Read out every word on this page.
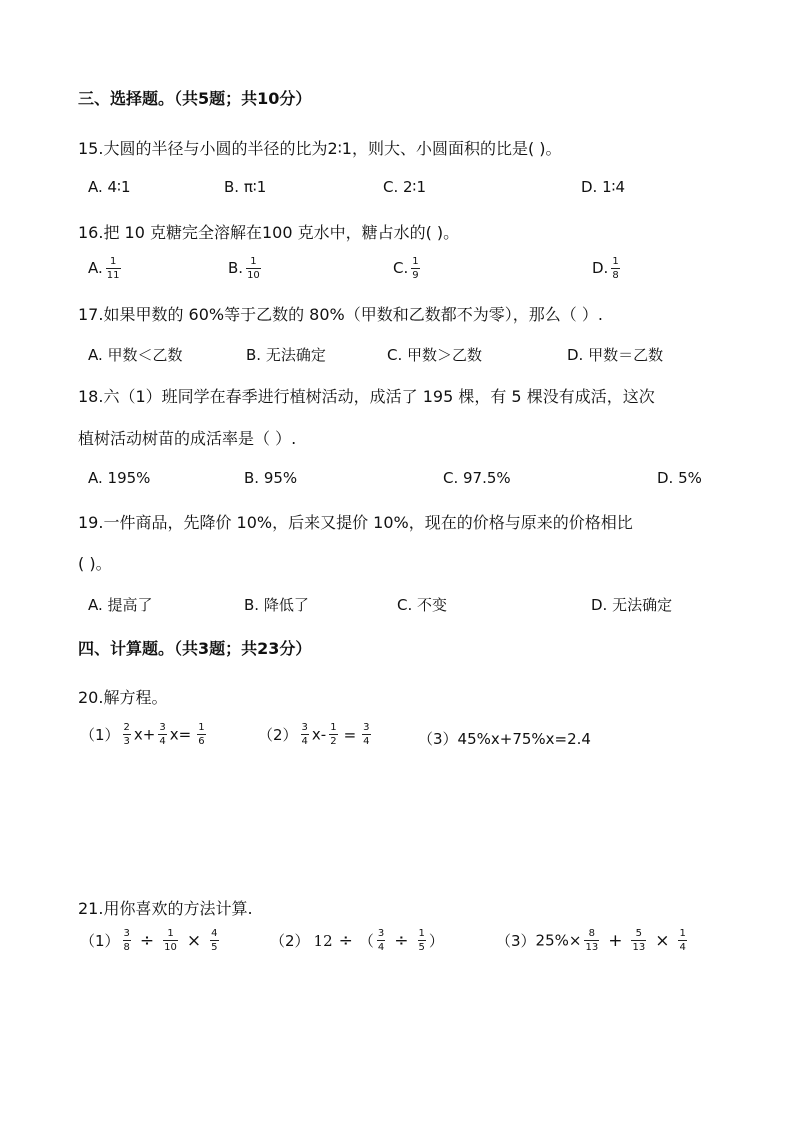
三、选择题。（共5题；共10分）
15.大圆的半径与小圆的半径的比为2∶1，则大、小圆面积的比是( )。
A. 4∶1	B. π∶1	C. 2∶1	D. 1∶4
16.把 10 克糖完全溶解在100 克水中，糖占水的( )。
A. $\frac{1}{11}$	B. $\frac{1}{10}$	C. $\frac{1}{9}$	D. $\frac{1}{8}$
17.如果甲数的 60%等于乙数的 80%（甲数和乙数都不为零），那么（ ）.
A. 甲数＜乙数	B. 无法确定	C. 甲数＞乙数	D. 甲数＝乙数
18.六（1）班同学在春季进行植树活动，成活了 195 棵，有 5 棵没有成活，这次
植树活动树苗的成活率是（ ）.
A. 195%	B. 95%	C. 97.5%	D. 5%
19.一件商品，先降价 10%，后来又提价 10%，现在的价格与原来的价格相比
( )。
A. 提高了	B. 降低了	C. 不变	D. 无法确定
四、计算题。（共3题；共23分）
20.解方程。
$(1) \frac{2}{3} x+ \frac{3}{4} x= \frac{1}{6}$	$(2) \frac{3}{4} x- \frac{1}{2} = \frac{3}{4}$	（3）45%x+75%x=2.4
21.用你喜欢的方法计算.
$(1) \frac{3}{8} \div \frac{1}{10} \times \frac{4}{5}$	（2） 12 ÷ （ $\frac{3}{4} \div \frac{1}{5}$ ）	$(3)25\%\times \frac{8}{13} + \frac{5}{13} \times \frac{1}{4}$
